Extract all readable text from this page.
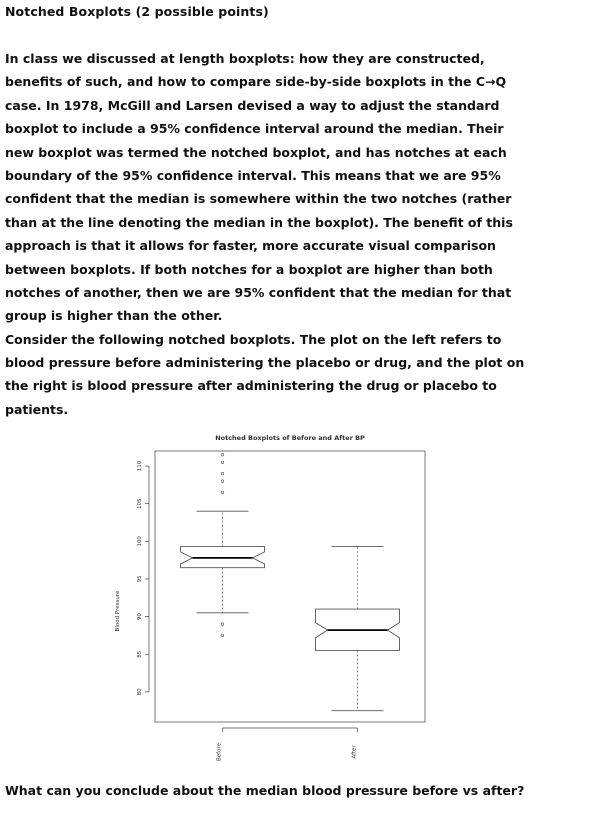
Notched Boxplots (2 possible points)
In class we discussed at length boxplots: how they are constructed,
benefits of such, and how to compare side-by-side boxplots in the C→Q
case. In 1978, McGill and Larsen devised a way to adjust the standard
boxplot to include a 95% confidence interval around the median. Their
new boxplot was termed the notched boxplot, and has notches at each
boundary of the 95% confidence interval. This means that we are 95%
confident that the median is somewhere within the two notches (rather
than at the line denoting the median in the boxplot). The benefit of this
approach is that it allows for faster, more accurate visual comparison
between boxplots. If both notches for a boxplot are higher than both
notches of another, then we are 95% confident that the median for that
group is higher than the other.
Consider the following notched boxplots. The plot on the left refers to
blood pressure before administering the placebo or drug, and the plot on
the right is blood pressure after administering the drug or placebo to
patients.
Notched Boxplots of Before and After BP
Blood Pressure
80
85
90
95
100
105
110
Before	After
What can you conclude about the median blood pressure before vs after?
